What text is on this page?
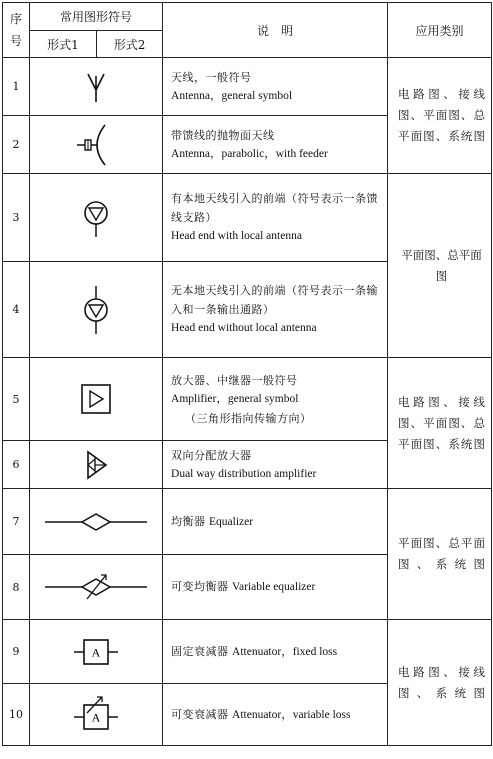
序
号	常用图形符号		说　明	应用类别
	形式1	形式2		
1			天线，一般符号
Antenna，general symbol	电路图、接线图、平面图、总平面图、系统图
2			带馈线的抛物面天线
Antenna，parabolic，with feeder	

3			有本地天线引入的前端（符号表示一条馈线支路）
Head end with local antenna	平面图、总平面图
4			无本地天线引入的前端（符号表示一条输入和一条输出通路）
Head end without local antenna	

5			放大器、中继器一般符号
Amplifier，general symbol
（三角形指向传输方向）	电路图、接线图、平面图、总平面图、系统图
6			双向分配放大器
Dual way distribution amplifier	

7			均衡器 Equalizer	平面图、总平面图、系统图
8			可变均衡器 Variable equalizer	

9	A		固定衰减器 Attenuator，fixed loss	电路图、接线图、系统图
10	A		可变衰减器 Attenuator，variable loss	
